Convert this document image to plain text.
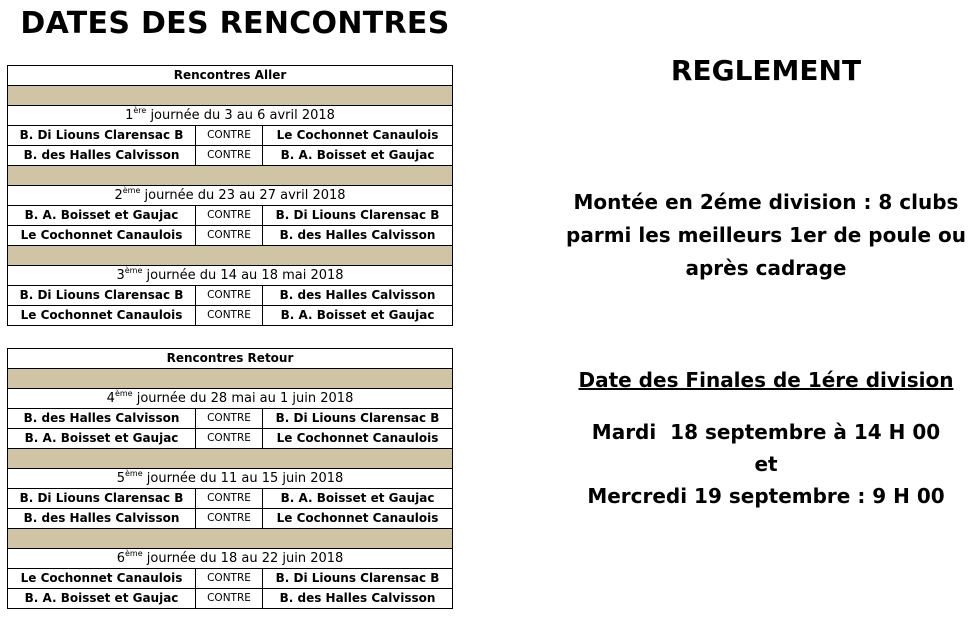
DATES DES RENCONTRES
Rencontres Aller		

1ère journée du 3 au 6 avril 2018		
B. Di Liouns Clarensac B	CONTRE	Le Cochonnet Canaulois
B. des Halles Calvisson	CONTRE	B. A. Boisset et Gaujac

2ème journée du 23 au 27 avril 2018		
B. A. Boisset et Gaujac	CONTRE	B. Di Liouns Clarensac B
Le Cochonnet Canaulois	CONTRE	B. des Halles Calvisson

3ème journée du 14 au 18 mai 2018		
B. Di Liouns Clarensac B	CONTRE	B. des Halles Calvisson
Le Cochonnet Canaulois	CONTRE	B. A. Boisset et Gaujac
Rencontres Retour		

4ème journée du 28 mai au 1 juin 2018		
B. des Halles Calvisson	CONTRE	B. Di Liouns Clarensac B
B. A. Boisset et Gaujac	CONTRE	Le Cochonnet Canaulois

5ème journée du 11 au 15 juin 2018		
B. Di Liouns Clarensac B	CONTRE	B. A. Boisset et Gaujac
B. des Halles Calvisson	CONTRE	Le Cochonnet Canaulois

6ème journée du 18 au 22 juin 2018		
Le Cochonnet Canaulois	CONTRE	B. Di Liouns Clarensac B
B. A. Boisset et Gaujac	CONTRE	B. des Halles Calvisson
REGLEMENT
Montée en 2éme division : 8 clubs
parmi les meilleurs 1er de poule ou
après cadrage
Date des Finales de 1ére division
Mardi  18 septembre à 14 H 00
et
Mercredi 19 septembre : 9 H 00
